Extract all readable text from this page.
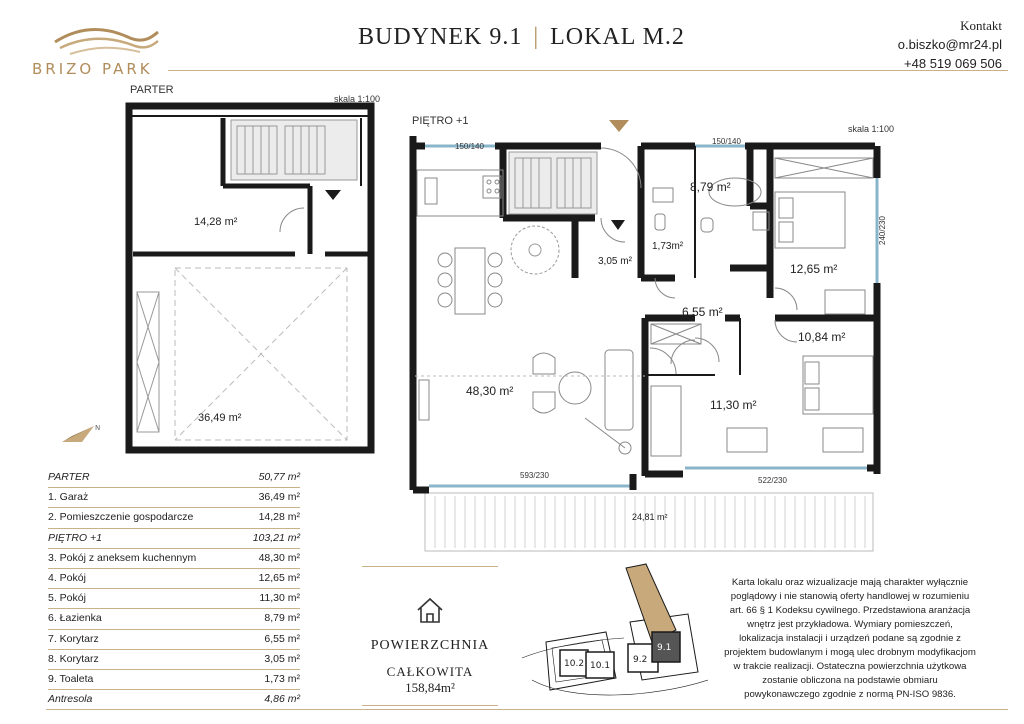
BRIZO PARK
BUDYNEK 9.1 | LOKAL M.2	Kontakt
o.biszko@mr24.pl
+48 519 069 506
PARTER
skala 1:100
14,28 m²
36,49 m²
N
PIĘTRO +1
skala 1:100
8,79 m²
1,73m²
3,05 m²
12,65 m²
6,55 m²
10,84 m²
48,30 m²
11,30 m²
24,81 m²
150/140
150/140
240/230
593/230
522/230
PARTER	50,77 m²
1. Garaż	36,49 m²
2. Pomieszczenie gospodarcze	14,28 m²
PIĘTRO +1	103,21 m²
3. Pokój z aneksem kuchennym	48,30 m²
4. Pokój	12,65 m²
5. Pokój	11,30 m²
6. Łazienka	8,79 m²
7. Korytarz	6,55 m²
8. Korytarz	3,05 m²
9. Toaleta	1,73 m²
Antresola	4,86 m²
POWIERZCHNIA
CAŁKOWITA
158,84m²
10.2 10.1
9.2
9.1
Karta lokalu oraz wizualizacje mają charakter wyłącznie poglądowy i nie stanowią oferty handlowej w rozumieniu art. 66 § 1 Kodeksu cywilnego. Przedstawiona aranżacja wnętrz jest przykładowa. Wymiary pomieszczeń, lokalizacja instalacji i urządzeń podane są zgodnie z projektem budowlanym i mogą ulec drobnym modyfikacjom w trakcie realizacji. Ostateczna powierzchnia użytkowa zostanie obliczona na podstawie obmiaru powykonawczego zgodnie z normą PN-ISO 9836.
